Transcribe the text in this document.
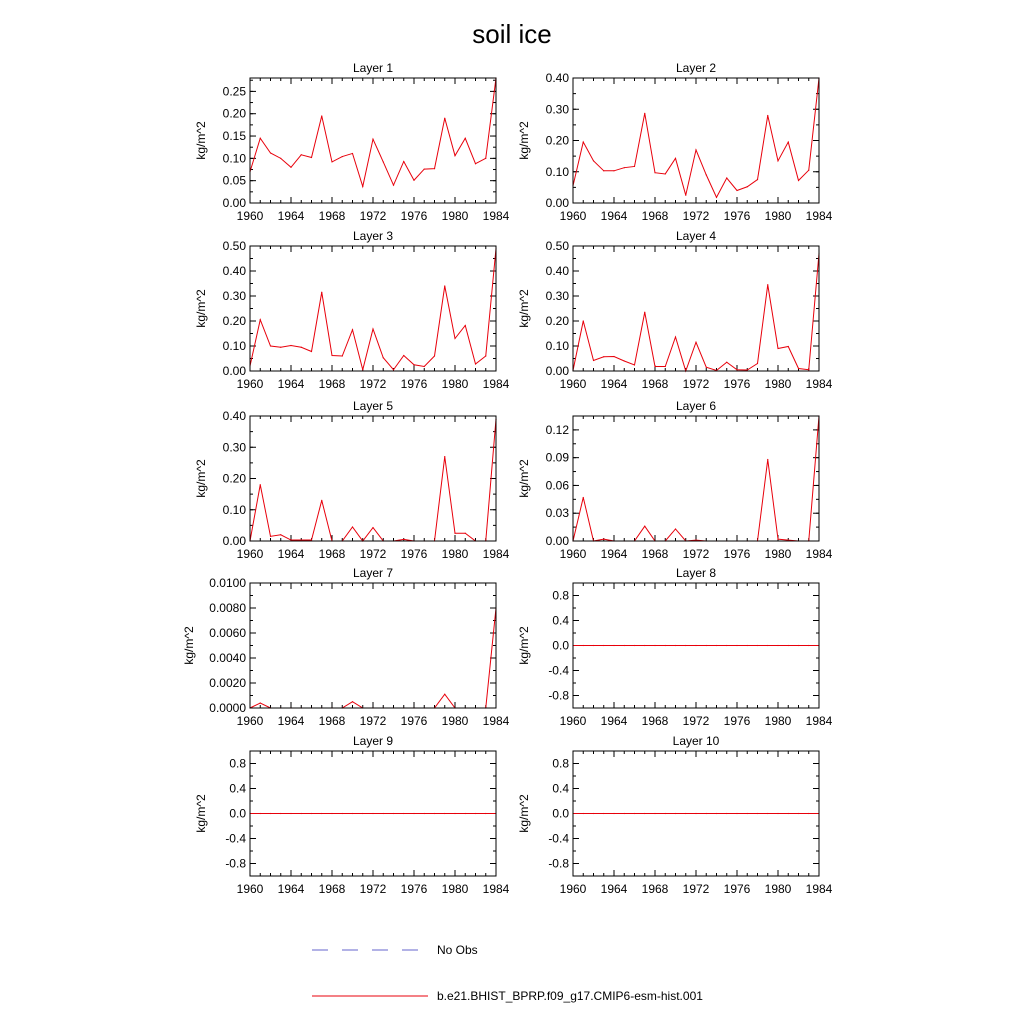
soil ice
Layer 1
1960 1964 1968 1972 1976 1980 1984
0.00
0.05
0.10
0.15
0.20
0.25
kg/m^2
Layer 2
1960 1964 1968 1972 1976 1980 1984
0.00
0.10
0.20
0.30
0.40
kg/m^2
Layer 3
1960 1964 1968 1972 1976 1980 1984
0.00
0.10
0.20
0.30
0.40
0.50
kg/m^2
Layer 4
1960 1964 1968 1972 1976 1980 1984
0.00
0.10
0.20
0.30
0.40
0.50
kg/m^2
Layer 5
1960 1964 1968 1972 1976 1980 1984
0.00
0.10
0.20
0.30
0.40
kg/m^2
Layer 6
1960 1964 1968 1972 1976 1980 1984
0.00
0.03
0.06
0.09
0.12
kg/m^2
Layer 7
1960 1964 1968 1972 1976 1980 1984
0.0000
0.0020
0.0040
0.0060
0.0080
0.0100
kg/m^2
Layer 8
1960 1964 1968 1972 1976 1980 1984
-0.8
-0.4
0.0
0.4
0.8
kg/m^2
Layer 9
1960 1964 1968 1972 1976 1980 1984
-0.8
-0.4
0.0
0.4
0.8
kg/m^2
Layer 10
1960 1964 1968 1972 1976 1980 1984
-0.8
-0.4
0.0
0.4
0.8
kg/m^2
No Obs
b.e21.BHIST_BPRP.f09_g17.CMIP6-esm-hist.001
